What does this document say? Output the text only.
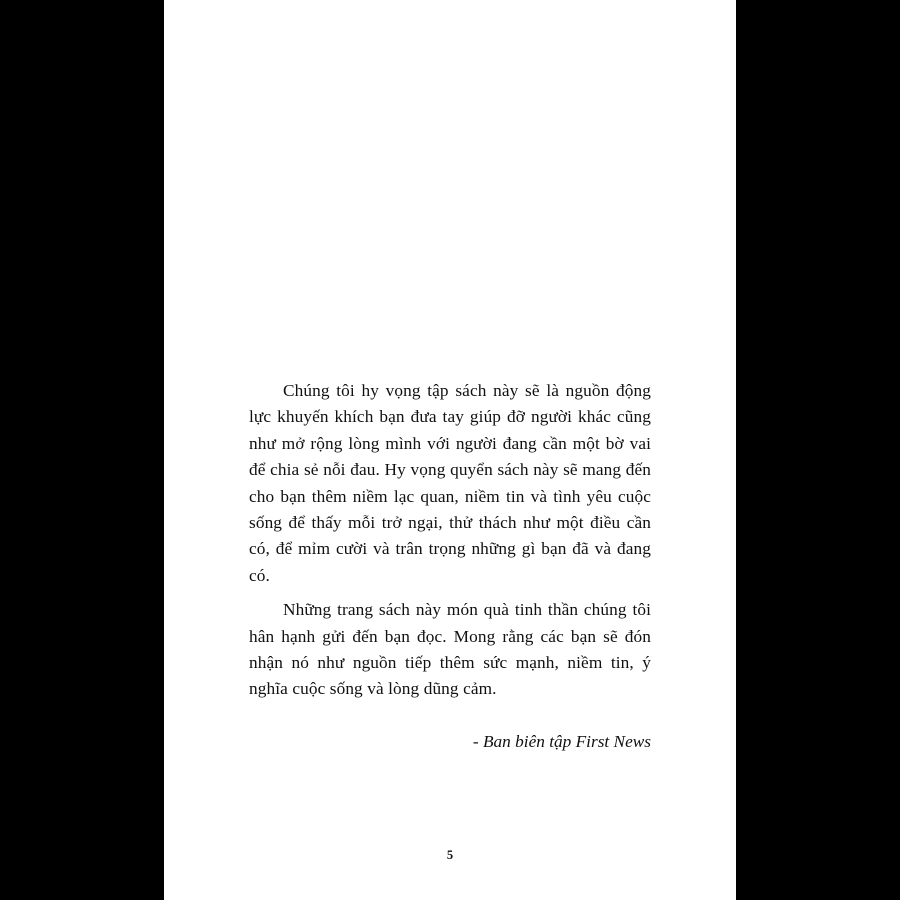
Chúng tôi hy vọng tập sách này sẽ là nguồn động lực khuyến khích bạn đưa tay giúp đỡ người khác cũng như mở rộng lòng mình với người đang cần một bờ vai để chia sẻ nỗi đau. Hy vọng quyển sách này sẽ mang đến cho bạn thêm niềm lạc quan, niềm tin và tình yêu cuộc sống để thấy mỗi trở ngại, thử thách như một điều cần có, để mỉm cười và trân trọng những gì bạn đã và đang có.

Những trang sách này món quà tinh thần chúng tôi hân hạnh gửi đến bạn đọc. Mong rằng các bạn sẽ đón nhận nó như nguồn tiếp thêm sức mạnh, niềm tin, ý nghĩa cuộc sống và lòng dũng cảm.

- Ban biên tập First News

5
